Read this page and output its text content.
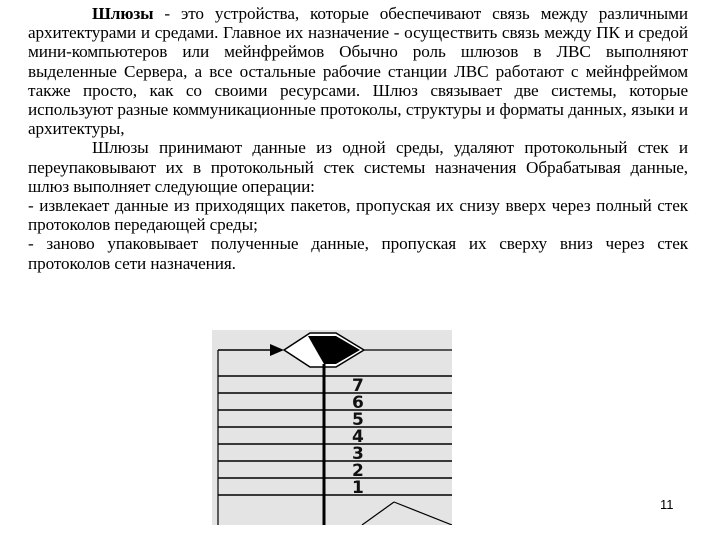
Шлюзы - это устройства, которые обеспечивают связь между различными архитектурами и средами. Главное их назначение - осуществить связь между ПК и средой мини-компьютеров или мейнфреймов Обычно роль шлюзов в ЛВС выполняют выделенные Сервера, а все остальные рабочие станции ЛВС работают с мейнфреймом также просто, как со своими ресурсами. Шлюз связывает две системы, которые используют разные коммуникационные протоколы, структуры и форматы данных, языки и архитектуры,

Шлюзы принимают данные из одной среды, удаляют протокольный стек и переупаковывают их в протокольный стек системы назначения Обрабатывая данные, шлюз выполняет следующие операции:

- извлекает данные из приходящих пакетов, пропуская их снизу вверх через полный стек протоколов передающей среды;

- заново упаковывает полученные данные, пропуская их сверху вниз через стек протоколов сети назначения.

7
6
5
4
3
2
1
11
